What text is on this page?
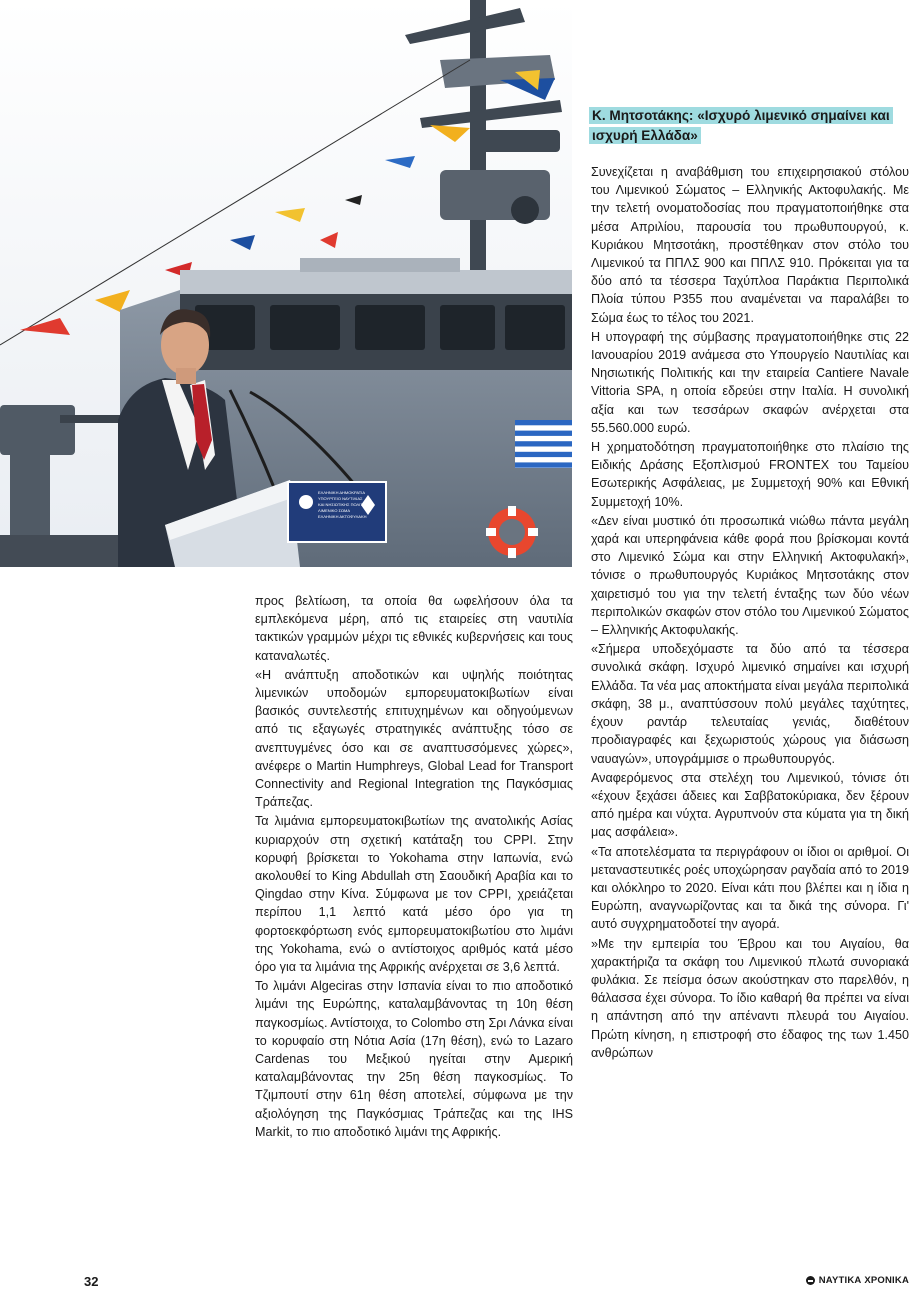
ΕΛΛΗΝΙΚΗ ΔΗΜΟΚΡΑΤΙΑ
ΥΠΟΥΡΓΕΙΟ ΝΑΥΤΙΛΙΑΣ
ΚΑΙ ΝΗΣΙΩΤΙΚΗΣ ΠΟΛΙΤΙΚΗΣ
ΛΙΜΕΝΙΚΟ ΣΩΜΑ
ΕΛΛΗΝΙΚΗ ΑΚΤΟΦΥΛΑΚΗ

προς βελτίωση, τα οποία θα ωφελήσουν όλα τα εμπλεκόμενα μέρη, από τις εταιρείες στη ναυτιλία τακτικών γραμμών μέχρι τις εθνικές κυβερνήσεις και τους καταναλωτές.

«Η ανάπτυξη αποδοτικών και υψηλής ποιότητας λιμενικών υποδομών εμπορευματοκιβωτίων είναι βασικός συντελεστής επιτυχημένων και οδηγούμενων από τις εξαγωγές στρατηγικές ανάπτυξης τόσο σε ανεπτυγμένες όσο και σε αναπτυσσόμενες χώρες», ανέφερε ο Martin Humphreys, Global Lead for Transport Connectivity and Regional Integration της Παγκόσμιας Τράπεζας.

Τα λιμάνια εμπορευματοκιβωτίων της ανατολικής Ασίας κυριαρχούν στη σχετική κατάταξη του CPPI. Στην κορυφή βρίσκεται το Yokohama στην Ιαπωνία, ενώ ακολουθεί το King Abdullah στη Σαουδική Αραβία και το Qingdao στην Κίνα. Σύμφωνα με τον CPPI, χρειάζεται περίπου 1,1 λεπτό κατά μέσο όρο για τη φορτοεκφόρτωση ενός εμπορευματοκιβωτίου στο λιμάνι της Yokohama, ενώ ο αντίστοιχος αριθμός κατά μέσο όρο για τα λιμάνια της Αφρικής ανέρχεται σε 3,6 λεπτά.

Το λιμάνι Algeciras στην Ισπανία είναι το πιο αποδοτικό λιμάνι της Ευρώπης, καταλαμβάνοντας τη 10η θέση παγκοσμίως. Αντίστοιχα, το Colombo στη Σρι Λάνκα είναι το κορυφαίο στη Νότια Ασία (17η θέση), ενώ το Lazaro Cardenas του Μεξικού ηγείται στην Αμερική καταλαμβάνοντας την 25η θέση παγκοσμίως. Το Τζιμπουτί στην 61η θέση αποτελεί, σύμφωνα με την αξιολόγηση της Παγκόσμιας Τράπεζας και της IHS Markit, το πιο αποδοτικό λιμάνι της Αφρικής.

Κ. Μητσοτάκης: «Ισχυρό λιμενικό σημαίνει και ισχυρή Ελλάδα»

Συνεχίζεται η αναβάθμιση του επιχειρησιακού στόλου του Λιμενικού Σώματος – Ελληνικής Ακτοφυλακής. Με την τελετή ονοματοδοσίας που πραγματοποιήθηκε στα μέσα Απριλίου, παρουσία του πρωθυπουργού, κ. Κυριάκου Μητσοτάκη, προστέθηκαν στον στόλο του Λιμενικού τα ΠΠΛΣ 900 και ΠΠΛΣ 910. Πρόκειται για τα δύο από τα τέσσερα Ταχύπλοα Παράκτια Περιπολικά Πλοία τύπου P355 που αναμένεται να παραλάβει το Σώμα έως το τέλος του 2021.

Η υπογραφή της σύμβασης πραγματοποιήθηκε στις 22 Ιανουαρίου 2019 ανάμεσα στο Υπουργείο Ναυτιλίας και Νησιωτικής Πολιτικής και την εταιρεία Cantiere Navale Vittoria SPA, η οποία εδρεύει στην Ιταλία. Η συνολική αξία και των τεσσάρων σκαφών ανέρχεται στα 55.560.000 ευρώ.

Η χρηματοδότηση πραγματοποιήθηκε στο πλαίσιο της Ειδικής Δράσης Εξοπλισμού FRONTEX του Ταμείου Εσωτερικής Ασφάλειας, με Συμμετοχή 90% και Εθνική Συμμετοχή 10%.

«Δεν είναι μυστικό ότι προσωπικά νιώθω πάντα μεγάλη χαρά και υπερηφάνεια κάθε φορά που βρίσκομαι κοντά στο Λιμενικό Σώμα και στην Ελληνική Ακτοφυλακή», τόνισε ο πρωθυπουργός Κυριάκος Μητσοτάκης στον χαιρετισμό του για την τελετή ένταξης των δύο νέων περιπολικών σκαφών στον στόλο του Λιμενικού Σώματος – Ελληνικής Ακτοφυλακής.

«Σήμερα υποδεχόμαστε τα δύο από τα τέσσερα συνολικά σκάφη. Ισχυρό λιμενικό σημαίνει και ισχυρή Ελλάδα. Τα νέα μας αποκτήματα είναι μεγάλα περιπολικά σκάφη, 38 μ., αναπτύσσουν πολύ μεγάλες ταχύτητες, έχουν ραντάρ τελευταίας γενιάς, διαθέτουν προδιαγραφές και ξεχωριστούς χώρους για διάσωση ναυαγών», υπογράμμισε ο πρωθυπουργός.

Αναφερόμενος στα στελέχη του Λιμενικού, τόνισε ότι «έχουν ξεχάσει άδειες και Σαββατοκύριακα, δεν ξέρουν από ημέρα και νύχτα. Αγρυπνούν στα κύματα για τη δική μας ασφάλεια».

«Τα αποτελέσματα τα περιγράφουν οι ίδιοι οι αριθμοί. Οι μεταναστευτικές ροές υποχώρησαν ραγδαία από το 2019 και ολόκληρο το 2020. Είναι κάτι που βλέπει και η ίδια η Ευρώπη, αναγνωρίζοντας και τα δικά της σύνορα. Γι' αυτό συγχρηματοδοτεί την αγορά.

»Με την εμπειρία του Έβρου και του Αιγαίου, θα χαρακτήριζα τα σκάφη του Λιμενικού πλωτά συνοριακά φυλάκια. Σε πείσμα όσων ακούστηκαν στο παρελθόν, η θάλασσα έχει σύνορα. Το ίδιο καθαρή θα πρέπει να είναι η απάντηση από την απέναντι πλευρά του Αιγαίου. Πρώτη κίνηση, η επιστροφή στο έδαφος της των 1.450 ανθρώπων

32	ΝΑΥΤΙΚΑ ΧΡΟΝΙΚΑ
